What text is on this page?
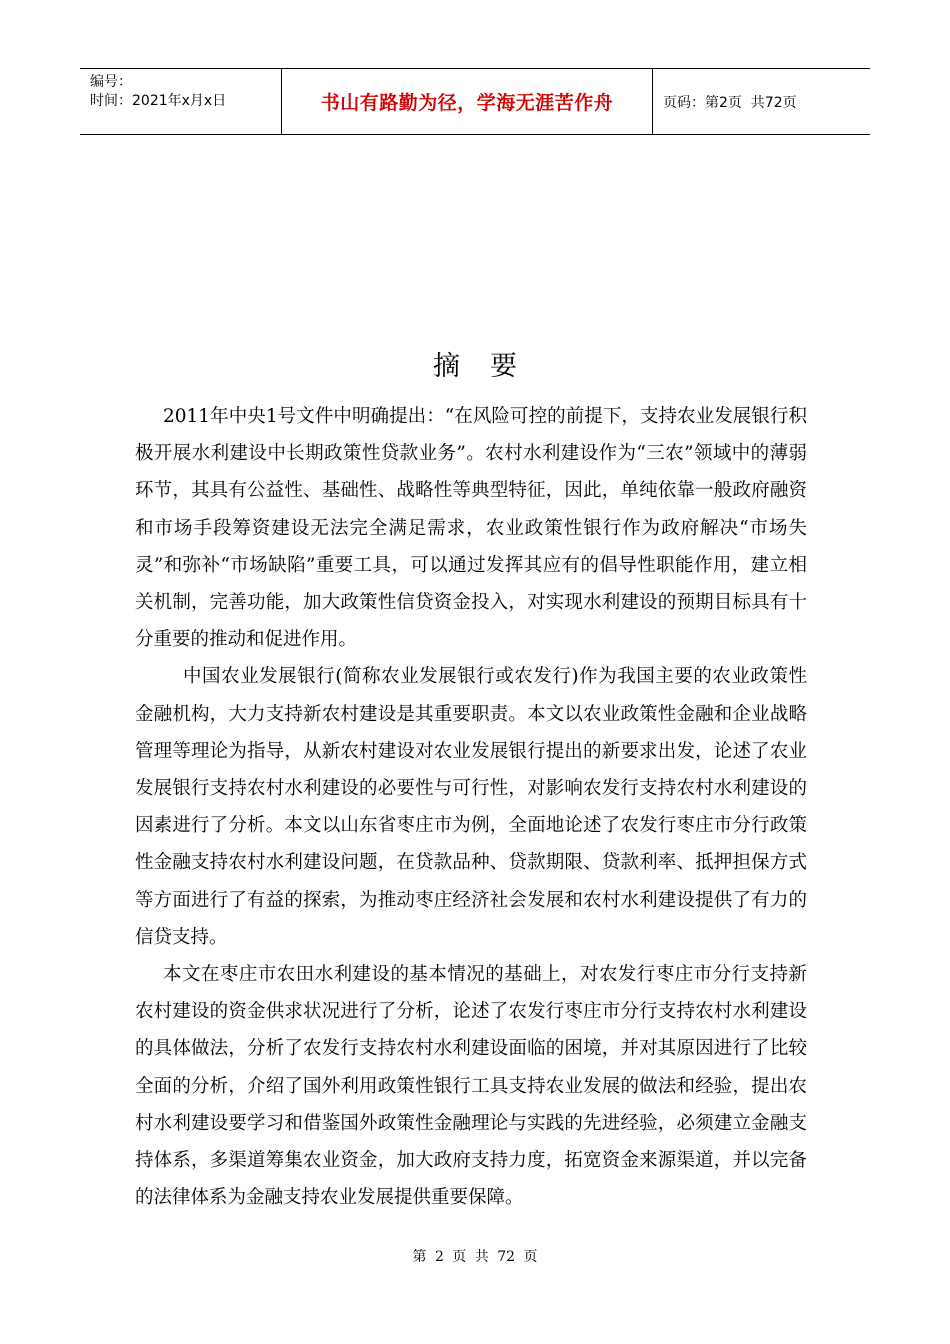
编号：
时间：2021年x月x日	书山有路勤为径，学海无涯苦作舟	页码：第2页  共72页
摘要

2011年中央1号文件中明确提出：“在风险可控的前提下，支持农业发展银行积极开展水利建设中长期政策性贷款业务”。农村水利建设作为“三农”领域中的薄弱环节，其具有公益性、基础性、战略性等典型特征，因此，单纯依靠一般政府融资和市场手段筹资建设无法完全满足需求，农业政策性银行作为政府解决“市场失灵”和弥补“市场缺陷”重要工具，可以通过发挥其应有的倡导性职能作用，建立相关机制，完善功能，加大政策性信贷资金投入，对实现水利建设的预期目标具有十分重要的推动和促进作用。

中国农业发展银行(简称农业发展银行或农发行)作为我国主要的农业政策性金融机构，大力支持新农村建设是其重要职责。本文以农业政策性金融和企业战略管理等理论为指导，从新农村建设对农业发展银行提出的新要求出发，论述了农业发展银行支持农村水利建设的必要性与可行性，对影响农发行支持农村水利建设的因素进行了分析。本文以山东省枣庄市为例，全面地论述了农发行枣庄市分行政策性金融支持农村水利建设问题，在贷款品种、贷款期限、贷款利率、抵押担保方式等方面进行了有益的探索，为推动枣庄经济社会发展和农村水利建设提供了有力的信贷支持。

本文在枣庄市农田水利建设的基本情况的基础上，对农发行枣庄市分行支持新农村建设的资金供求状况进行了分析，论述了农发行枣庄市分行支持农村水利建设的具体做法，分析了农发行支持农村水利建设面临的困境，并对其原因进行了比较全面的分析，介绍了国外利用政策性银行工具支持农业发展的做法和经验，提出农村水利建设要学习和借鉴国外政策性金融理论与实践的先进经验，必须建立金融支持体系，多渠道筹集农业资金，加大政府支持力度，拓宽资金来源渠道，并以完备的法律体系为金融支持农业发展提供重要保障。

第 2 页 共 72 页
